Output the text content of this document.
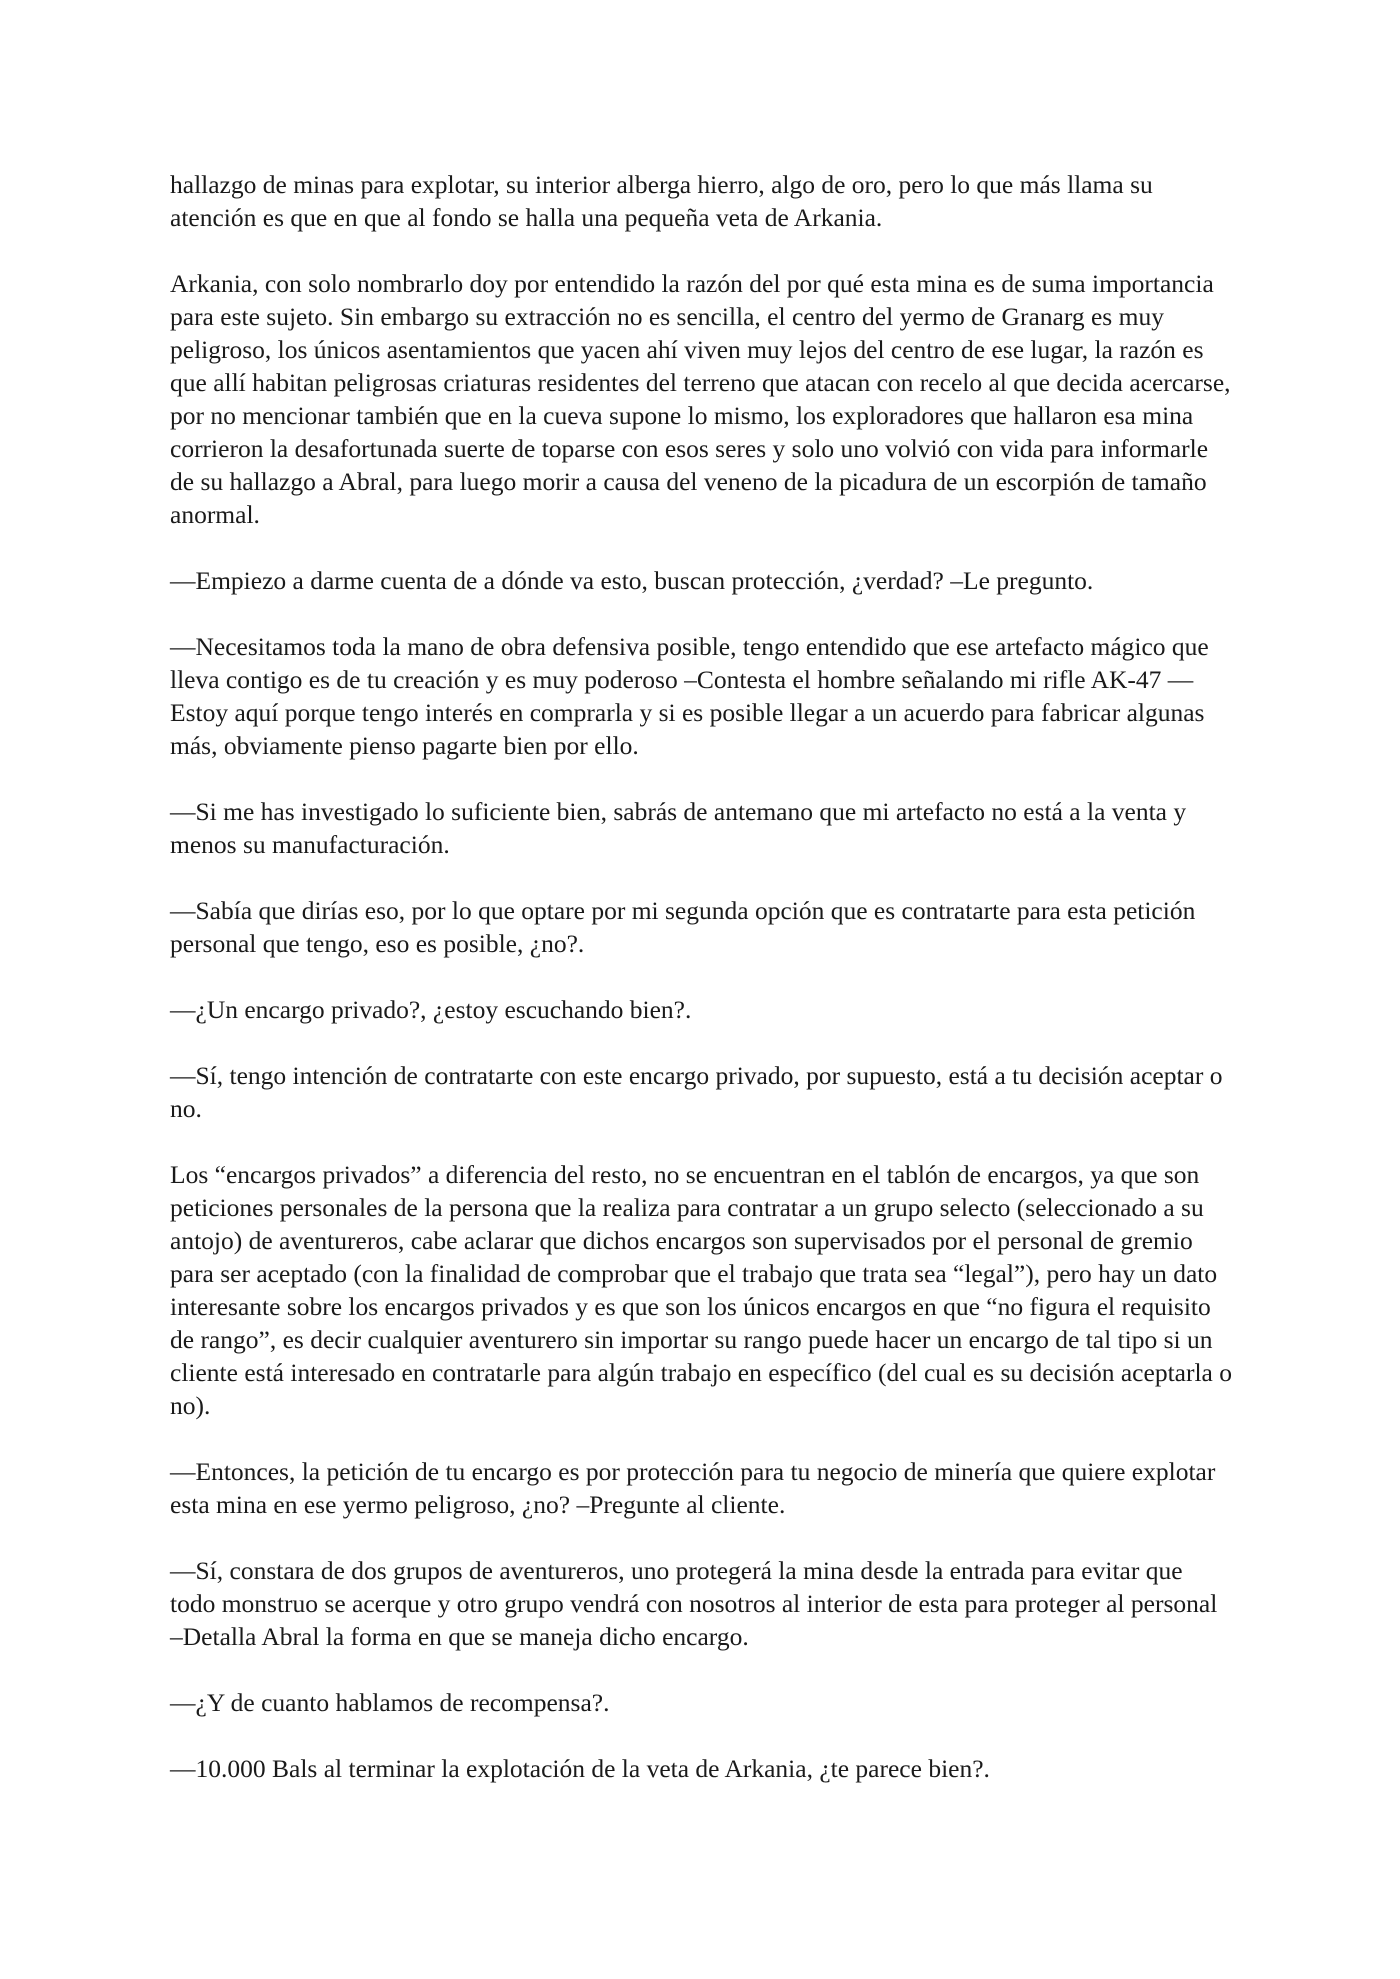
hallazgo de minas para explotar, su interior alberga hierro, algo de oro, pero lo que más llama su atención es que en que al fondo se halla una pequeña veta de Arkania.

Arkania, con solo nombrarlo doy por entendido la razón del por qué esta mina es de suma importancia para este sujeto. Sin embargo su extracción no es sencilla, el centro del yermo de Granarg es muy peligroso, los únicos asentamientos que yacen ahí viven muy lejos del centro de ese lugar, la razón es que allí habitan peligrosas criaturas residentes del terreno que atacan con recelo al que decida acercarse, por no mencionar también que en la cueva supone lo mismo, los exploradores que hallaron esa mina corrieron la desafortunada suerte de toparse con esos seres y solo uno volvió con vida para informarle de su hallazgo a Abral, para luego morir a causa del veneno de la picadura de un escorpión de tamaño anormal.

—Empiezo a darme cuenta de a dónde va esto, buscan protección, ¿verdad? –Le pregunto.

—Necesitamos toda la mano de obra defensiva posible, tengo entendido que ese artefacto mágico que lleva contigo es de tu creación y es muy poderoso –Contesta el hombre señalando mi rifle AK-47 —Estoy aquí porque tengo interés en comprarla y si es posible llegar a un acuerdo para fabricar algunas más, obviamente pienso pagarte bien por ello.

—Si me has investigado lo suficiente bien, sabrás de antemano que mi artefacto no está a la venta y menos su manufacturación.

—Sabía que dirías eso, por lo que optare por mi segunda opción que es contratarte para esta petición personal que tengo, eso es posible, ¿no?.

—¿Un encargo privado?, ¿estoy escuchando bien?.

—Sí, tengo intención de contratarte con este encargo privado, por supuesto, está a tu decisión aceptar o no.

Los “encargos privados” a diferencia del resto, no se encuentran en el tablón de encargos, ya que son peticiones personales de la persona que la realiza para contratar a un grupo selecto (seleccionado a su antojo) de aventureros, cabe aclarar que dichos encargos son supervisados por el personal de gremio para ser aceptado (con la finalidad de comprobar que el trabajo que trata sea “legal”), pero hay un dato interesante sobre los encargos privados y es que son los únicos encargos en que “no figura el requisito de rango”, es decir cualquier aventurero sin importar su rango puede hacer un encargo de tal tipo si un cliente está interesado en contratarle para algún trabajo en específico (del cual es su decisión aceptarla o no).

—Entonces, la petición de tu encargo es por protección para tu negocio de minería que quiere explotar esta mina en ese yermo peligroso, ¿no? –Pregunte al cliente.

—Sí, constara de dos grupos de aventureros, uno protegerá la mina desde la entrada para evitar que todo monstruo se acerque y otro grupo vendrá con nosotros al interior de esta para proteger al personal –Detalla Abral la forma en que se maneja dicho encargo.

—¿Y de cuanto hablamos de recompensa?.

—10.000 Bals al terminar la explotación de la veta de Arkania, ¿te parece bien?.
